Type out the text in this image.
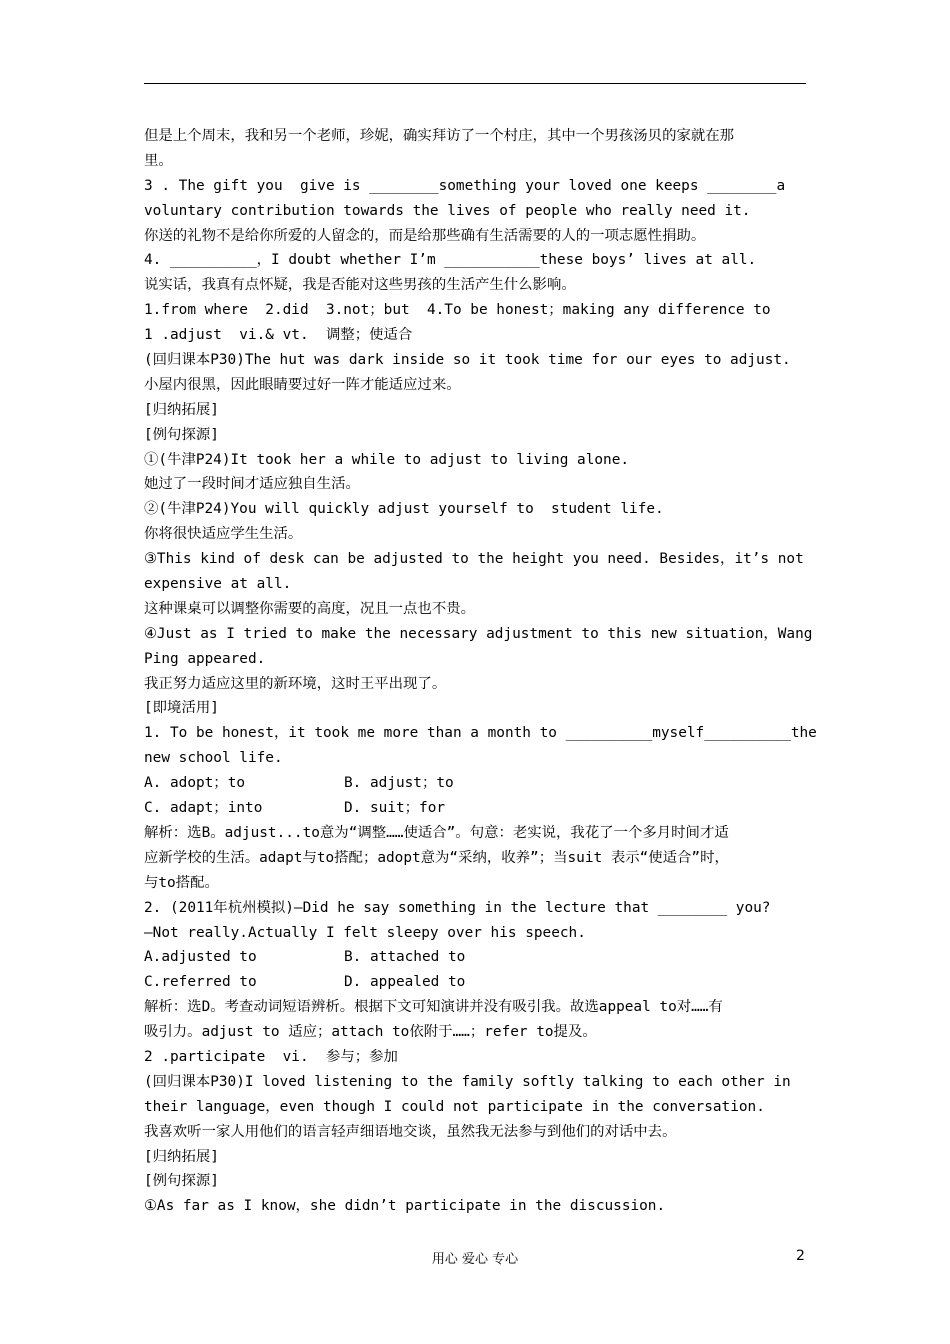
但是上个周末，我和另一个老师，珍妮，确实拜访了一个村庄，其中一个男孩汤贝的家就在那
里。
3 . The gift you  give is ________something your loved one keeps ________a
voluntary contribution towards the lives of people who really need it.
你送的礼物不是给你所爱的人留念的，而是给那些确有生活需要的人的一项志愿性捐助。
4. __________，I doubt whether I’m ___________these boys’ lives at all.
说实话，我真有点怀疑，我是否能对这些男孩的生活产生什么影响。
1.from where  2.did  3.not；but  4.To be honest；making any difference to
1 .adjust  vi.& vt.  调整；使适合
(回归课本P30)The hut was dark inside so it took time for our eyes to adjust.
小屋内很黑，因此眼睛要过好一阵才能适应过来。
[归纳拓展]
[例句探源]
①(牛津P24)It took her a while to adjust to living alone.
她过了一段时间才适应独自生活。
②(牛津P24)You will quickly adjust yourself to  student life.
你将很快适应学生生活。
③This kind of desk can be adjusted to the height you need. Besides，it’s not
expensive at all.
这种课桌可以调整你需要的高度，况且一点也不贵。
④Just as I tried to make the necessary adjustment to this new situation，Wang
Ping appeared.
我正努力适应这里的新环境，这时王平出现了。
[即境活用]
1. To be honest，it took me more than a month to __________myself__________the
new school life.
A. adopt；to	B. adjust；to
C. adapt；into	D. suit；for
解析：选B。adjust...to意为“调整……使适合”。句意：老实说，我花了一个多月时间才适
应新学校的生活。adapt与to搭配；adopt意为“采纳，收养”；当suit 表示“使适合”时，
与to搭配。
2. (2011年杭州模拟)—Did he say something in the lecture that ________ you?
—Not really.Actually I felt sleepy over his speech.
A.adjusted to	B. attached to
C.referred to	D. appealed to
解析：选D。考查动词短语辨析。根据下文可知演讲并没有吸引我。故选appeal to对……有
吸引力。adjust to 适应；attach to依附于……；refer to提及。
2 .participate  vi.  参与；参加
(回归课本P30)I loved listening to the family softly talking to each other in
their language，even though I could not participate in the conversation.
我喜欢听一家人用他们的语言轻声细语地交谈，虽然我无法参与到他们的对话中去。
[归纳拓展]
[例句探源]
①As far as I know，she didn’t participate in the discussion.
用心 爱心 专心	2
